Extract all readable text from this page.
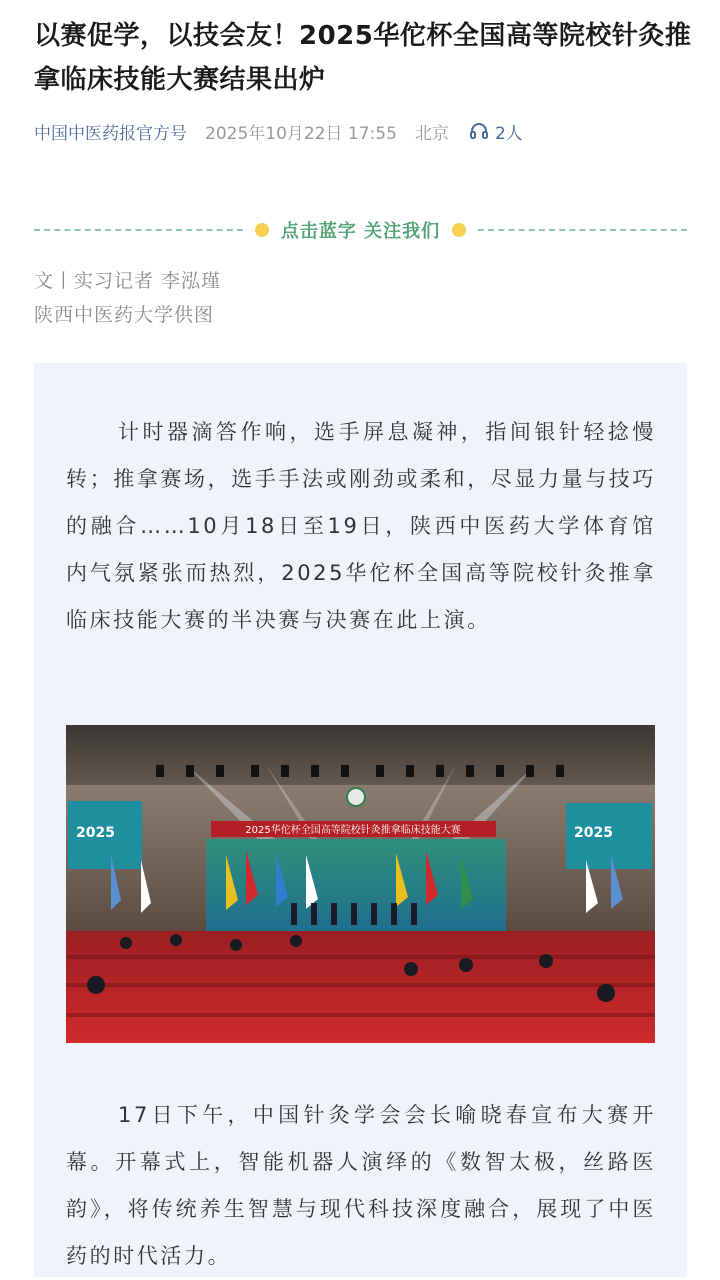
以赛促学，以技会友！2025华佗杯全国高等院校针灸推拿临床技能大赛结果出炉
中国中医药报官方号 2025年10月22日 17:55 北京	2人
点击蓝字 关注我们
文丨实习记者 李泓瑾
陕西中医药大学供图

计时器滴答作响，选手屏息凝神，指间银针轻捻慢转；推拿赛场，选手手法或刚劲或柔和，尽显力量与技巧的融合……10月18日至19日，陕西中医药大学体育馆内气氛紧张而热烈，2025华佗杯全国高等院校针灸推拿临床技能大赛的半决赛与决赛在此上演。

2025	2025
2025华佗杯全国高等院校针灸推拿临床技能大赛

17日下午，中国针灸学会会长喻晓春宣布大赛开幕。开幕式上，智能机器人演绎的《数智太极，丝路医韵》，将传统养生智慧与现代科技深度融合，展现了中医药的时代活力。
